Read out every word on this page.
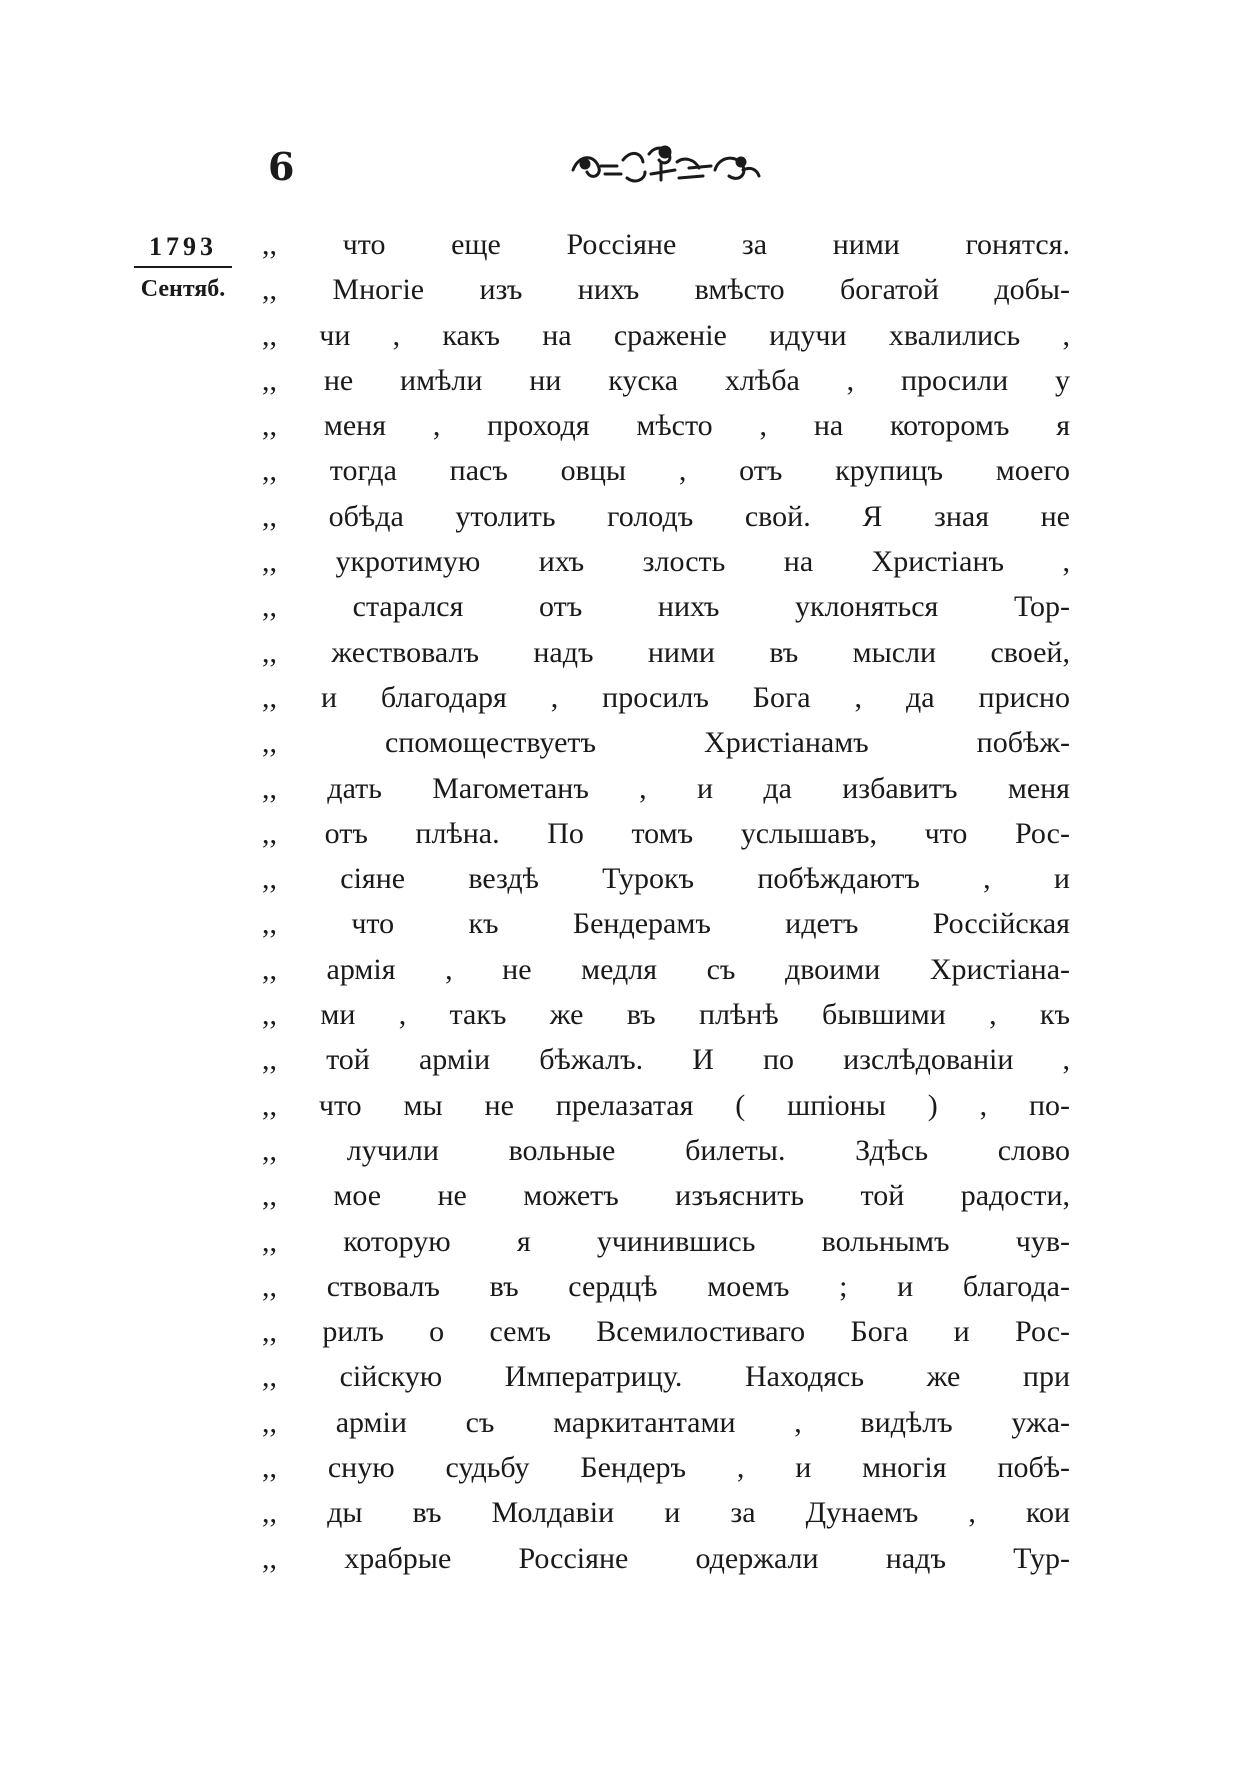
6
1793
Сентяб.
,, что еще Россіяне за ними гонятся.
,, Многіе изъ нихъ вмѣсто богатой добы-
,, чи , какъ на сраженіе идучи хвалились ,
,, не имѣли ни куска хлѣба , просили у
,, меня , проходя мѣсто , на которомъ я
,, тогда пасъ овцы , отъ крупицъ моего
,, обѣда утолить голодъ свой. Я зная не
,, укротимую ихъ злость на Христіанъ ,
,, старался отъ нихъ уклоняться Тор-
,, жествовалъ надъ ними въ мысли своей,
,, и благодаря , просилъ Бога , да присно
,, спомоществуетъ Христіанамъ побѣж-
,, дать Магометанъ , и да избавитъ меня
,, отъ плѣна. По томъ услышавъ, что Рос-
,, сіяне вездѣ Турокъ побѣждаютъ , и
,, что къ Бендерамъ идетъ Россійская
,, армія , не медля съ двоими Христіана-
,, ми , такъ же въ плѣнѣ бывшими , къ
,, той арміи бѣжалъ. И по изслѣдованіи ,
,, что мы не прелазатая ( шпіоны ) , по-
,, лучили вольные билеты. Здѣсь слово
,, мое не можетъ изъяснить той радости,
,, которую я учинившись вольнымъ чув-
,, ствовалъ въ сердцѣ моемъ ; и благода-
,, рилъ о семъ Всемилостиваго Бога и Рос-
,, сійскую Императрицу. Находясь же при
,, арміи съ маркитантами , видѣлъ ужа-
,, сную судьбу Бендеръ , и многія побѣ-
,, ды въ Молдавіи и за Дунаемъ , кои
,, храбрые Россіяне одержали надъ Тур-
